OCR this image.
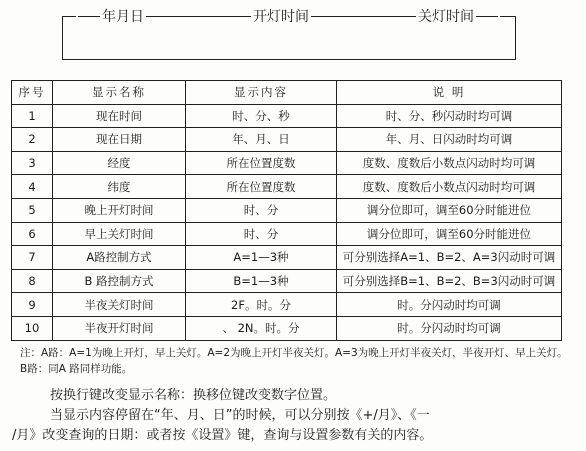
年月日	开灯时间	关灯时间
序号	显示名称	显示内容	说 明
1	现在时间	时、分、秒	时、分、秒闪动时均可调
2	现在日期	年、月、日	年、月、日闪动时均可调
3	经度	所在位置度数	度数、度数后小数点闪动时均可调
4	纬度	所在位置度数	度数、度数后小数点闪动时均可调
5	晚上开灯时间	时、分	调分位即可，调至60分时能进位
6	早上关灯时间	时、分	调分位即可，调至60分时能进位
7	A路控制方式	A=1—3种	可分别选择A=1、B=2、A=3闪动时可调
8	B 路控制方式	B=1—3种	可分别选择B=1、B=2、B=3闪动时可调
9	半夜关灯时间	2F。时。分	时。分闪动时均可调
10	半夜开灯时间	、 2N。时。分	时。分闪动时均可调
注：A路：A=1为晚上开灯，早上关灯。A=2为晚上开灯半夜关灯。A=3为晚上开灯半夜关灯，半夜开灯、早上关灯。B路：同A 路同样功能。
按换行键改变显示名称：换移位键改变数字位置。
当显示内容停留在“年、月、日”的时候，可以分别按《+/月》、《一
/月》改变查询的日期：或者按《设置》键，查询与设置参数有关的内容。
